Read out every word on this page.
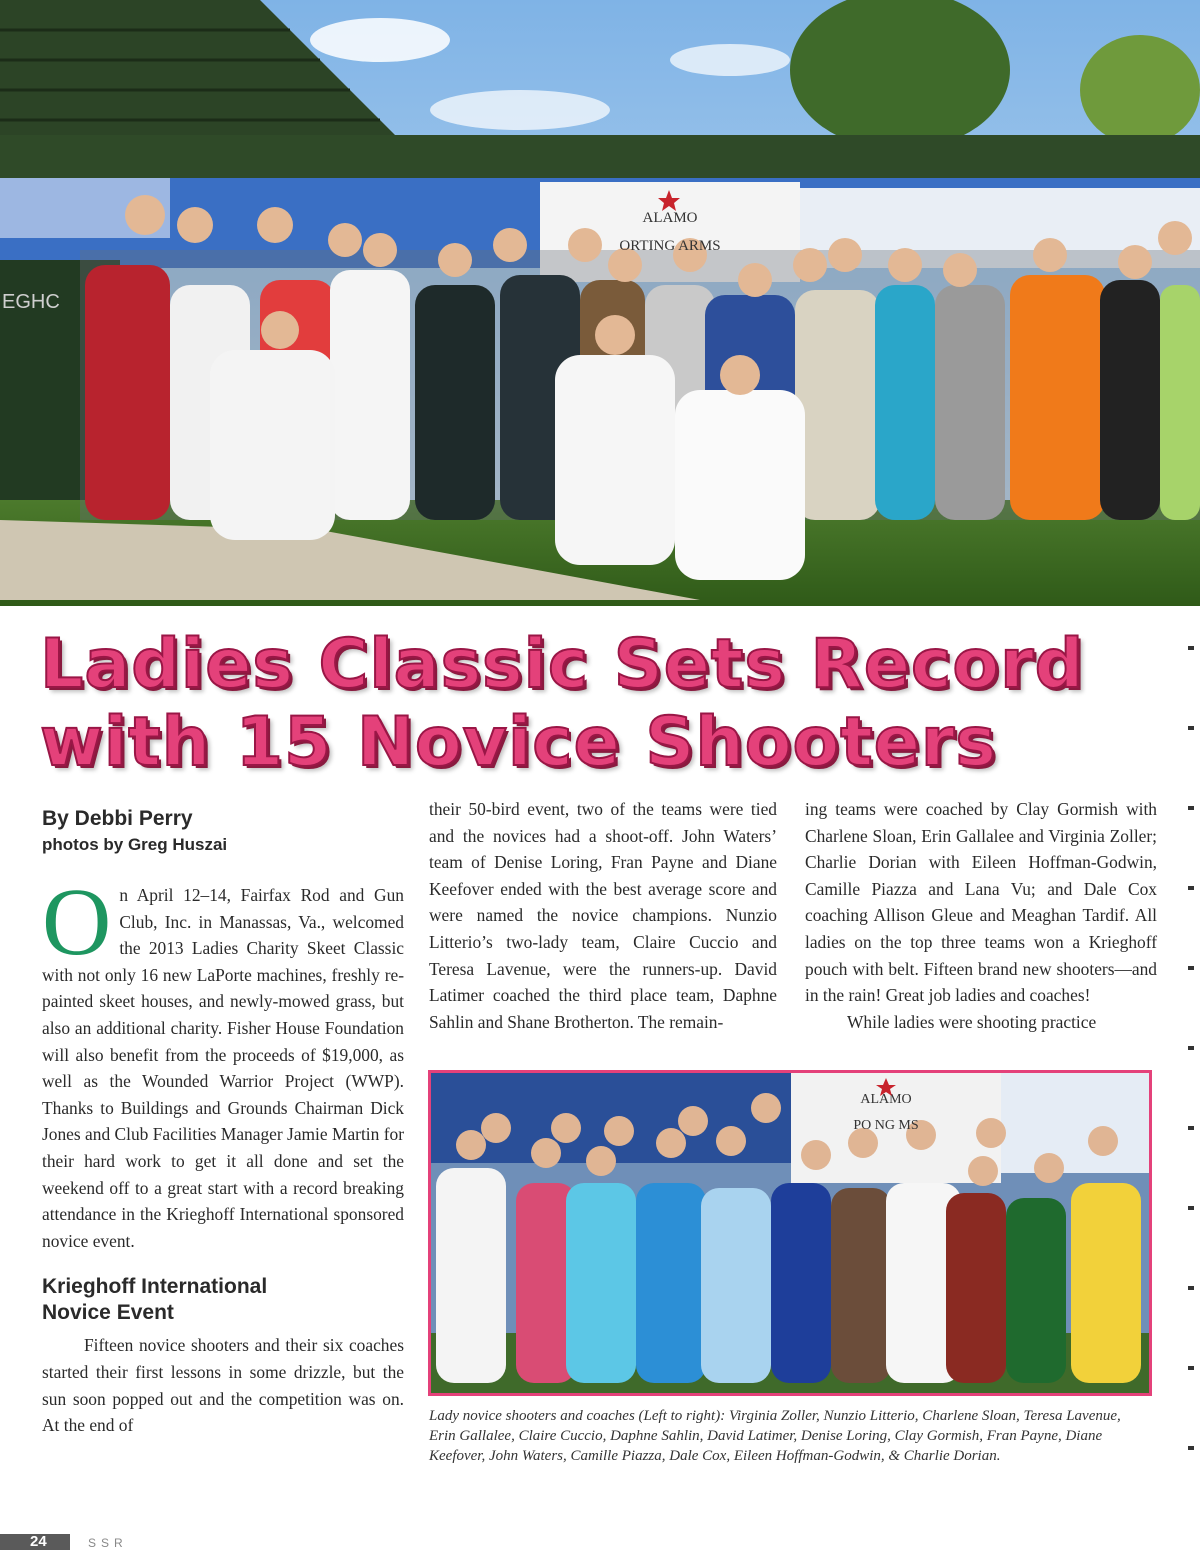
ALAMO
ORTING ARMS
EGHC
Ladies Classic Sets Record
with 15 Novice Shooters
By Debbi Perry
photos by Greg Huszai

On April 12–14, Fairfax Rod and Gun Club, Inc. in Manassas, Va., welcomed the 2013 Ladies Charity Skeet Classic with not only 16 new LaPorte machines, freshly re-painted skeet houses, and newly-mowed grass, but also an additional charity. Fisher House Foundation will also benefit from the proceeds of $19,000, as well as the Wounded Warrior Project (WWP). Thanks to Buildings and Grounds Chairman Dick Jones and Club Facilities Manager Jamie Martin for their hard work to get it all done and set the weekend off to a great start with a record breaking attendance in the Krieghoff International sponsored novice event.

Krieghoff International
Novice Event

Fifteen novice shooters and their six coaches started their first lessons in some drizzle, but the sun soon popped out and the competition was on. At the end of

their 50-bird event, two of the teams were tied and the novices had a shoot-off. John Waters’ team of Denise Loring, Fran Payne and Diane Keefover ended with the best average score and were named the novice champions. Nunzio Litterio’s two-lady team, Claire Cuccio and Teresa Lavenue, were the runners-up. David Latimer coached the third place team, Daphne Sahlin and Shane Brotherton. The remain-

ing teams were coached by Clay Gormish with Charlene Sloan, Erin Gallalee and Virginia Zoller; Charlie Dorian with Eileen Hoffman-Godwin, Camille Piazza and Lana Vu; and Dale Cox coaching Allison Gleue and Meaghan Tardif. All ladies on the top three teams won a Krieghoff pouch with belt. Fifteen brand new shooters—and in the rain! Great job ladies and coaches!

While ladies were shooting practice

ALAMO
PO NG MS
Lady novice shooters and coaches (Left to right): Virginia Zoller, Nunzio Litterio, Charlene Sloan, Teresa Lavenue, Erin Gallalee, Claire Cuccio, Daphne Sahlin, David Latimer, Denise Loring, Clay Gormish, Fran Payne, Diane Keefover, John Waters, Camille Piazza, Dale Cox, Eileen Hoffman-Godwin, & Charlie Dorian.
24	SSR
